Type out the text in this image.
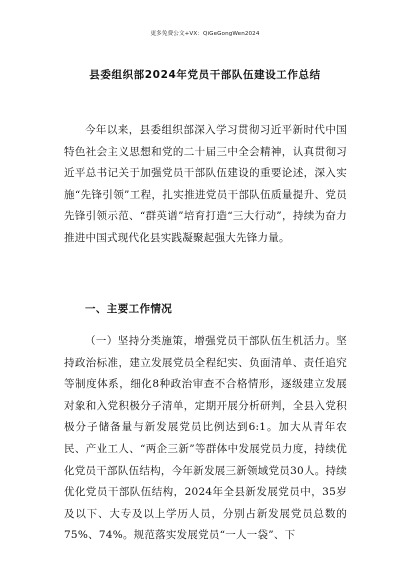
更多免费公文+VX：QiGeGongWen2024
县委组织部2024年党员干部队伍建设工作总结

今年以来，县委组织部深入学习贯彻习近平新时代中国特色社会主义思想和党的二十届三中全会精神，认真贯彻习近平总书记关于加强党员干部队伍建设的重要论述，深入实施“先锋引领”工程，扎实推进党员干部队伍质量提升、党员先锋引领示范、“群英谱”培育打造“三大行动”，持续为奋力推进中国式现代化县实践凝聚起强大先锋力量。

一、主要工作情况

（一）坚持分类施策，增强党员干部队伍生机活力。坚持政治标准，建立发展党员全程纪实、负面清单、责任追究等制度体系，细化8种政治审查不合格情形，逐级建立发展对象和入党积极分子清单，定期开展分析研判，全县入党积极分子储备量与新发展党员比例达到6:1。加大从青年农民、产业工人、“两企三新”等群体中发展党员力度，持续优化党员干部队伍结构，今年新发展三新领域党员30人。持续优化党员干部队伍结构，2024年全县新发展党员中，35岁及以下、大专及以上学历人员，分别占新发展党员总数的75%、74%。规范落实发展党员“一人一袋”、下
